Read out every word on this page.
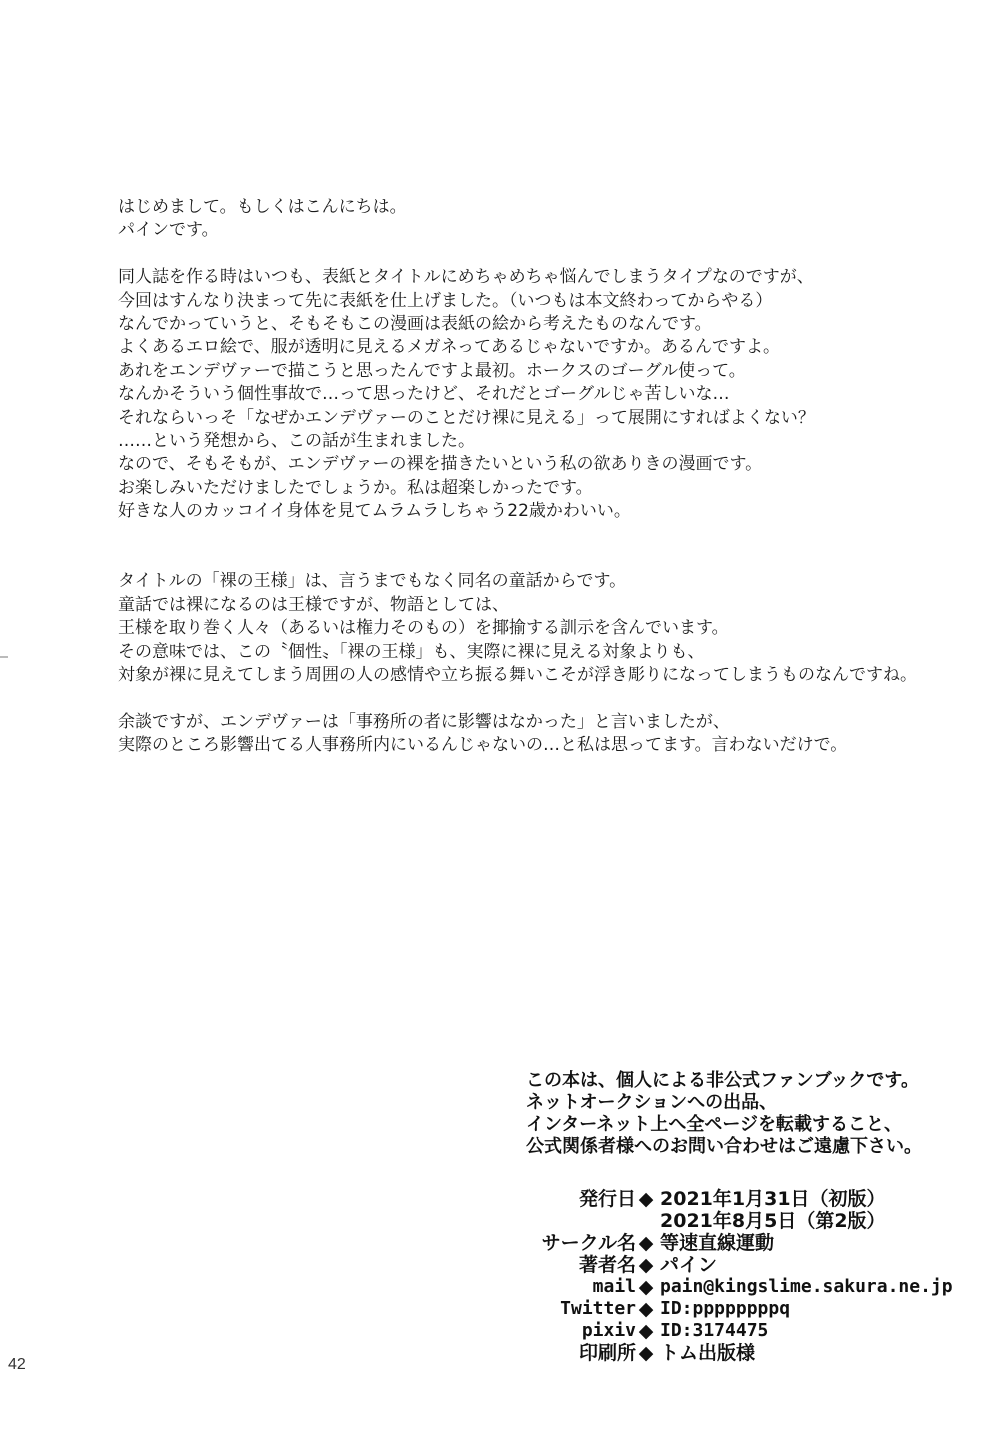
はじめまして。もしくはこんにちは。
パインです。
同人誌を作る時はいつも、表紙とタイトルにめちゃめちゃ悩んでしまうタイプなのですが、
今回はすんなり決まって先に表紙を仕上げました。（いつもは本文終わってからやる）
なんでかっていうと、そもそもこの漫画は表紙の絵から考えたものなんです。
よくあるエロ絵で、服が透明に見えるメガネってあるじゃないですか。あるんですよ。
あれをエンデヴァーで描こうと思ったんですよ最初。ホークスのゴーグル使って。
なんかそういう個性事故で…って思ったけど、それだとゴーグルじゃ苦しいな…
それならいっそ「なぜかエンデヴァーのことだけ裸に見える」って展開にすればよくない？
……という発想から、この話が生まれました。
なので、そもそもが、エンデヴァーの裸を描きたいという私の欲ありきの漫画です。
お楽しみいただけましたでしょうか。私は超楽しかったです。
好きな人のカッコイイ身体を見てムラムラしちゃう22歳かわいい。
タイトルの「裸の王様」は、言うまでもなく同名の童話からです。
童話では裸になるのは王様ですが、物語としては、
王様を取り巻く人々（あるいは権力そのもの）を揶揄する訓示を含んでいます。
その意味では、この〝個性〟「裸の王様」も、実際に裸に見える対象よりも、
対象が裸に見えてしまう周囲の人の感情や立ち振る舞いこそが浮き彫りになってしまうものなんですね。
余談ですが、エンデヴァーは「事務所の者に影響はなかった」と言いましたが、
実際のところ影響出てる人事務所内にいるんじゃないの…と私は思ってます。言わないだけで。
この本は、個人による非公式ファンブックです。
ネットオークションへの出品、
インターネット上へ全ページを転載すること、
公式関係者様へのお問い合わせはご遠慮下さい。
発行日 ◆ 2021年1月31日（初版）
2021年8月5日（第2版）
サークル名 ◆ 等速直線運動
著者名 ◆ パイン
mail ◆ pain@kingslime.sakura.ne.jp
Twitter ◆ ID:ppppppppq
pixiv ◆ ID:3174475
印刷所 ◆ トム出版様
42
